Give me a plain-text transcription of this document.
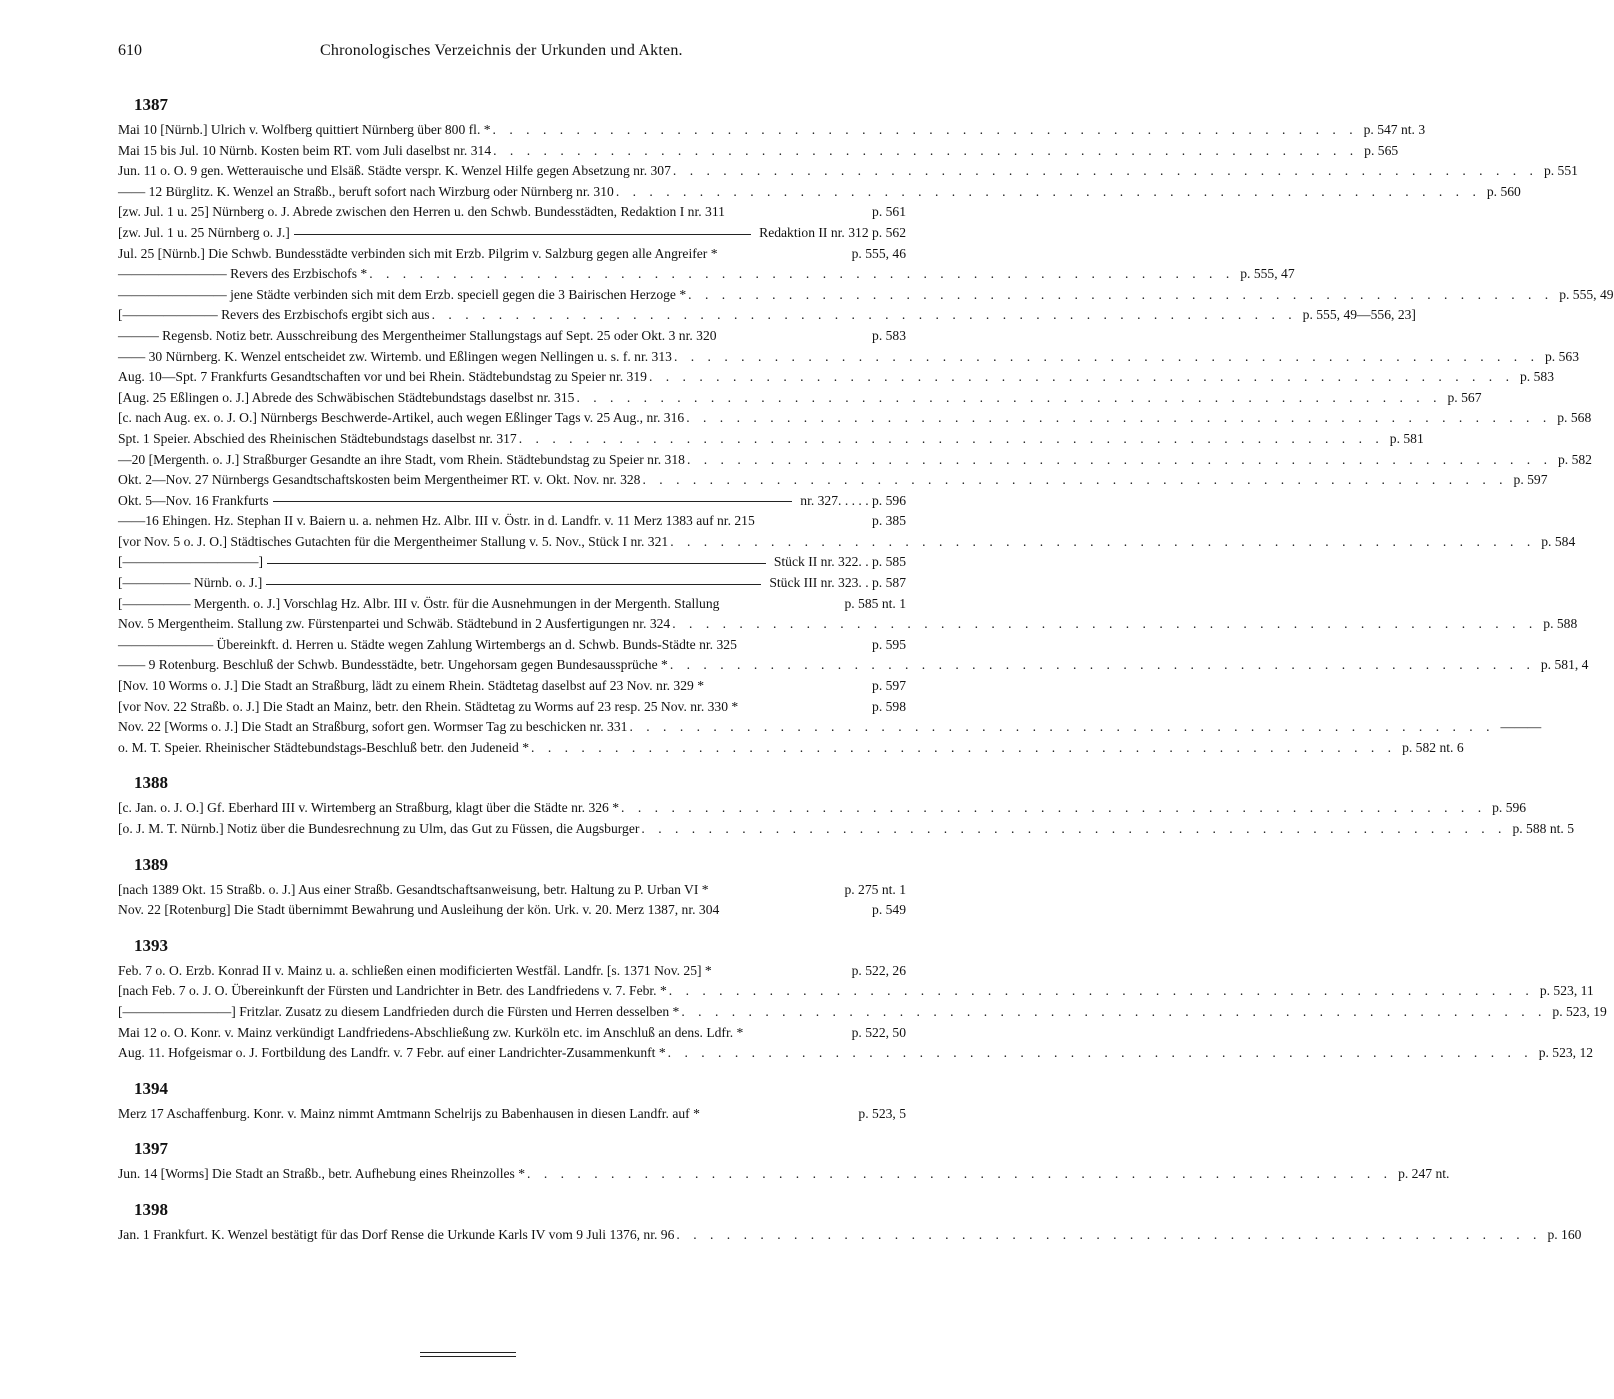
610	Chronologisches Verzeichnis der Urkunden und Akten.
1387
Mai 10 [Nürnb.] Ulrich v. Wolfberg quittiert Nürnberg über 800 fl. * . . . . . . . . . . . . . . . . . . . . . . . . . . . . . . . . . . . . . . . . . . . . . . . . . . . . p. 547 nt. 3
Mai 15 bis Jul. 10 Nürnb. Kosten beim RT. vom Juli daselbst nr. 314 . . . . . . . . . . . . . . . . . . . . . . . . . . . . . . . . . . . . . . . . . . . . . . . . . . . . p. 565
Jun. 11 o. O. 9 gen. Wetterauische und Elsäß. Städte verspr. K. Wenzel Hilfe gegen Absetzung nr. 307 . . . . . . . . . . . . . . . . . . . . . . . . . . . . . . . . . . . . . . . . . . . . . . . . . . . . p. 551
—— 12 Bürglitz. K. Wenzel an Straßb., beruft sofort nach Wirzburg oder Nürnberg nr. 310 . . . . . . . . . . . . . . . . . . . . . . . . . . . . . . . . . . . . . . . . . . . . . . . . . . . . p. 560
[zw. Jul. 1 u. 25] Nürnberg o. J. Abrede zwischen den Herren u. den Schwb. Bundesstädten, Redaktion I nr. 311	p. 561
[zw. Jul. 1 u. 25 Nürnberg o. J.]	Redaktion II nr. 312 p. 562
Jul. 25 [Nürnb.] Die Schwb. Bundesstädte verbinden sich mit Erzb. Pilgrim v. Salzburg gegen alle Angreifer *	p. 555, 46
———————— Revers des Erzbischofs * . . . . . . . . . . . . . . . . . . . . . . . . . . . . . . . . . . . . . . . . . . . . . . . . . . . . p. 555, 47
———————— jene Städte verbinden sich mit dem Erzb. speciell gegen die 3 Bairischen Herzoge * . . . . . . . . . . . . . . . . . . . . . . . . . . . . . . . . . . . . . . . . . . . . . . . . . . . . p. 555, 49
[——————— Revers des Erzbischofs ergibt sich aus . . . . . . . . . . . . . . . . . . . . . . . . . . . . . . . . . . . . . . . . . . . . . . . . . . . . p. 555, 49—556, 23]
——— Regensb. Notiz betr. Ausschreibung des Mergentheimer Stallungstags auf Sept. 25 oder Okt. 3 nr. 320	p. 583
—— 30 Nürnberg. K. Wenzel entscheidet zw. Wirtemb. und Eßlingen wegen Nellingen u. s. f. nr. 313 . . . . . . . . . . . . . . . . . . . . . . . . . . . . . . . . . . . . . . . . . . . . . . . . . . . . p. 563
Aug. 10—Spt. 7 Frankfurts Gesandtschaften vor und bei Rhein. Städtebundstag zu Speier nr. 319 . . . . . . . . . . . . . . . . . . . . . . . . . . . . . . . . . . . . . . . . . . . . . . . . . . . . p. 583
[Aug. 25 Eßlingen o. J.] Abrede des Schwäbischen Städtebundstags daselbst nr. 315 . . . . . . . . . . . . . . . . . . . . . . . . . . . . . . . . . . . . . . . . . . . . . . . . . . . . p. 567
[c. nach Aug. ex. o. J. O.] Nürnbergs Beschwerde-Artikel, auch wegen Eßlinger Tags v. 25 Aug., nr. 316 . . . . . . . . . . . . . . . . . . . . . . . . . . . . . . . . . . . . . . . . . . . . . . . . . . . . p. 568
Spt. 1 Speier. Abschied des Rheinischen Städtebundstags daselbst nr. 317 . . . . . . . . . . . . . . . . . . . . . . . . . . . . . . . . . . . . . . . . . . . . . . . . . . . . p. 581
—20 [Mergenth. o. J.] Straßburger Gesandte an ihre Stadt, vom Rhein. Städtebundstag zu Speier nr. 318 . . . . . . . . . . . . . . . . . . . . . . . . . . . . . . . . . . . . . . . . . . . . . . . . . . . . p. 582
Okt. 2—Nov. 27 Nürnbergs Gesandtschaftskosten beim Mergentheimer RT. v. Okt. Nov. nr. 328 . . . . . . . . . . . . . . . . . . . . . . . . . . . . . . . . . . . . . . . . . . . . . . . . . . . . p. 597
Okt. 5—Nov. 16 Frankfurts	nr. 327. . . . . p. 596
——16 Ehingen. Hz. Stephan II v. Baiern u. a. nehmen Hz. Albr. III v. Östr. in d. Landfr. v. 11 Merz 1383 auf nr. 215	p. 385
[vor Nov. 5 o. J. O.] Städtisches Gutachten für die Mergentheimer Stallung v. 5. Nov., Stück I nr. 321 . . . . . . . . . . . . . . . . . . . . . . . . . . . . . . . . . . . . . . . . . . . . . . . . . . . . p. 584
[——————————]	Stück II nr. 322. . p. 585
[————— Nürnb. o. J.]	Stück III nr. 323. . p. 587
[————— Mergenth. o. J.] Vorschlag Hz. Albr. III v. Östr. für die Ausnehmungen in der Mergenth. Stallung	p. 585 nt. 1
Nov. 5 Mergentheim. Stallung zw. Fürstenpartei und Schwäb. Städtebund in 2 Ausfertigungen nr. 324 . . . . . . . . . . . . . . . . . . . . . . . . . . . . . . . . . . . . . . . . . . . . . . . . . . . . p. 588
——————— Übereinkft. d. Herren u. Städte wegen Zahlung Wirtembergs an d. Schwb. Bunds-Städte nr. 325	p. 595
—— 9 Rotenburg. Beschluß der Schwb. Bundesstädte, betr. Ungehorsam gegen Bundesaussprüche * . . . . . . . . . . . . . . . . . . . . . . . . . . . . . . . . . . . . . . . . . . . . . . . . . . . . p. 581, 4
[Nov. 10 Worms o. J.] Die Stadt an Straßburg, lädt zu einem Rhein. Städtetag daselbst auf 23 Nov. nr. 329 *	p. 597
[vor Nov. 22 Straßb. o. J.] Die Stadt an Mainz, betr. den Rhein. Städtetag zu Worms auf 23 resp. 25 Nov. nr. 330 *	p. 598
Nov. 22 [Worms o. J.] Die Stadt an Straßburg, sofort gen. Wormser Tag zu beschicken nr. 331 . . . . . . . . . . . . . . . . . . . . . . . . . . . . . . . . . . . . . . . . . . . . . . . . . . . . ———
o. M. T. Speier. Rheinischer Städtebundstags-Beschluß betr. den Judeneid * . . . . . . . . . . . . . . . . . . . . . . . . . . . . . . . . . . . . . . . . . . . . . . . . . . . . p. 582 nt. 6
1388
[c. Jan. o. J. O.] Gf. Eberhard III v. Wirtemberg an Straßburg, klagt über die Städte nr. 326 * . . . . . . . . . . . . . . . . . . . . . . . . . . . . . . . . . . . . . . . . . . . . . . . . . . . . p. 596
[o. J. M. T. Nürnb.] Notiz über die Bundesrechnung zu Ulm, das Gut zu Füssen, die Augsburger . . . . . . . . . . . . . . . . . . . . . . . . . . . . . . . . . . . . . . . . . . . . . . . . . . . . p. 588 nt. 5
1389
[nach 1389 Okt. 15 Straßb. o. J.] Aus einer Straßb. Gesandtschaftsanweisung, betr. Haltung zu P. Urban VI *	p. 275 nt. 1
Nov. 22 [Rotenburg] Die Stadt übernimmt Bewahrung und Ausleihung der kön. Urk. v. 20. Merz 1387, nr. 304	p. 549
1393
Feb. 7 o. O. Erzb. Konrad II v. Mainz u. a. schließen einen modificierten Westfäl. Landfr. [s. 1371 Nov. 25] *	p. 522, 26
[nach Feb. 7 o. J. O. Übereinkunft der Fürsten und Landrichter in Betr. des Landfriedens v. 7. Febr. * . . . . . . . . . . . . . . . . . . . . . . . . . . . . . . . . . . . . . . . . . . . . . . . . . . . . p. 523, 11
[————————] Fritzlar. Zusatz zu diesem Landfrieden durch die Fürsten und Herren desselben * . . . . . . . . . . . . . . . . . . . . . . . . . . . . . . . . . . . . . . . . . . . . . . . . . . . . p. 523, 19
Mai 12 o. O. Konr. v. Mainz verkündigt Landfriedens-Abschließung zw. Kurköln etc. im Anschluß an dens. Ldfr. *	p. 522, 50
Aug. 11. Hofgeismar o. J. Fortbildung des Landfr. v. 7 Febr. auf einer Landrichter-Zusammenkunft * . . . . . . . . . . . . . . . . . . . . . . . . . . . . . . . . . . . . . . . . . . . . . . . . . . . . p. 523, 12
1394
Merz 17 Aschaffenburg. Konr. v. Mainz nimmt Amtmann Schelrijs zu Babenhausen in diesen Landfr. auf *	p. 523, 5
1397
Jun. 14 [Worms] Die Stadt an Straßb., betr. Aufhebung eines Rheinzolles * . . . . . . . . . . . . . . . . . . . . . . . . . . . . . . . . . . . . . . . . . . . . . . . . . . . . p. 247 nt.
1398
Jan. 1 Frankfurt. K. Wenzel bestätigt für das Dorf Rense die Urkunde Karls IV vom 9 Juli 1376, nr. 96 . . . . . . . . . . . . . . . . . . . . . . . . . . . . . . . . . . . . . . . . . . . . . . . . . . . . p. 160
